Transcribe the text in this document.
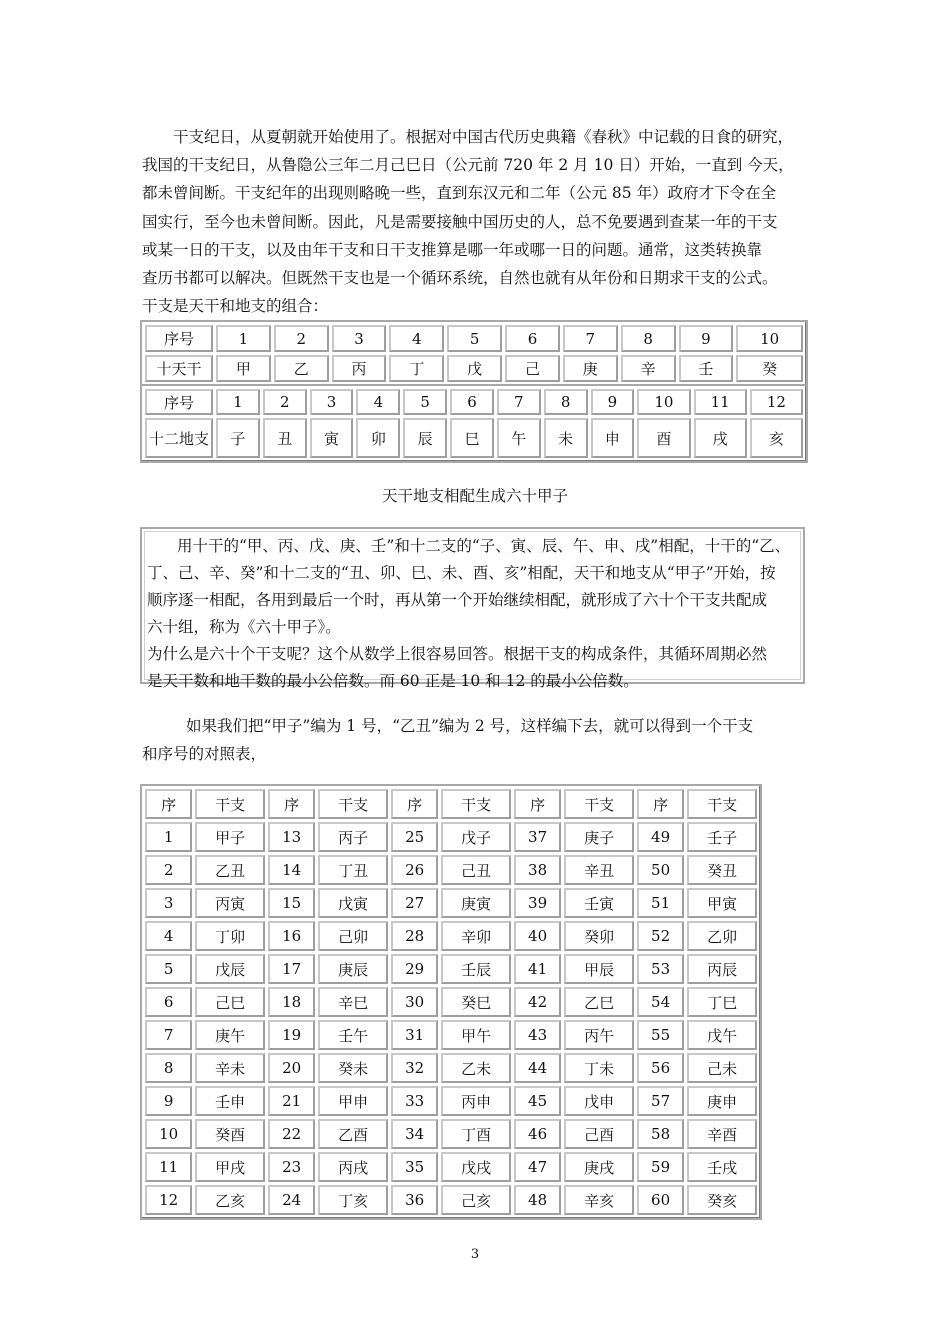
干支纪日，从夏朝就开始使用了。根据对中国古代历史典籍《春秋》中记载的日食的研究，
我国的干支纪日，从鲁隐公三年二月己巳日（公元前 720 年 2 月 10 日）开始，一直到 今天，
都未曾间断。干支纪年的出现则略晚一些，直到东汉元和二年（公元 85 年）政府才下令在全
国实行，至今也未曾间断。因此，凡是需要接触中国历史的人，总不免要遇到查某一年的干支
或某一日的干支，以及由年干支和日干支推算是哪一年或哪一日的问题。通常，这类转换靠
查历书都可以解决。但既然干支也是一个循环系统，自然也就有从年份和日期求干支的公式。
干支是天干和地支的组合：
序号	1	2	3	4	5	6	7	8	9	10
十天干	甲	乙	丙	丁	戊	己	庚	辛	壬	癸
序号	1	2	3	4	5	6	7	8	9	10	11	12
十二地支	子	丑	寅	卯	辰	巳	午	未	申	酉	戌	亥
天干地支相配生成六十甲子
用十干的“甲、丙、戊、庚、壬”和十二支的“子、寅、辰、午、申、戌”相配，十干的“乙、
丁、己、辛、癸”和十二支的“丑、卯、巳、未、酉、亥”相配，天干和地支从“甲子”开始，按
顺序逐一相配，各用到最后一个时，再从第一个开始继续相配，就形成了六十个干支共配成
六十组，称为《六十甲子》。
为什么是六十个干支呢？这个从数学上很容易回答。根据干支的构成条件，其循环周期必然
是天干数和地干数的最小公倍数。而 60 正是 10 和 12 的最小公倍数。
如果我们把“甲子”编为 1 号，“乙丑”编为 2 号，这样编下去，就可以得到一个干支
和序号的对照表，
序	干支	序	干支	序	干支	序	干支	序	干支
1	甲子	13	丙子	25	戊子	37	庚子	49	壬子
2	乙丑	14	丁丑	26	己丑	38	辛丑	50	癸丑
3	丙寅	15	戊寅	27	庚寅	39	壬寅	51	甲寅
4	丁卯	16	己卯	28	辛卯	40	癸卯	52	乙卯
5	戊辰	17	庚辰	29	壬辰	41	甲辰	53	丙辰
6	己巳	18	辛巳	30	癸巳	42	乙巳	54	丁巳
7	庚午	19	壬午	31	甲午	43	丙午	55	戊午
8	辛未	20	癸未	32	乙未	44	丁未	56	己未
9	壬申	21	甲申	33	丙申	45	戊申	57	庚申
10	癸酉	22	乙酉	34	丁酉	46	己酉	58	辛酉
11	甲戌	23	丙戌	35	戊戌	47	庚戌	59	壬戌
12	乙亥	24	丁亥	36	己亥	48	辛亥	60	癸亥
3
